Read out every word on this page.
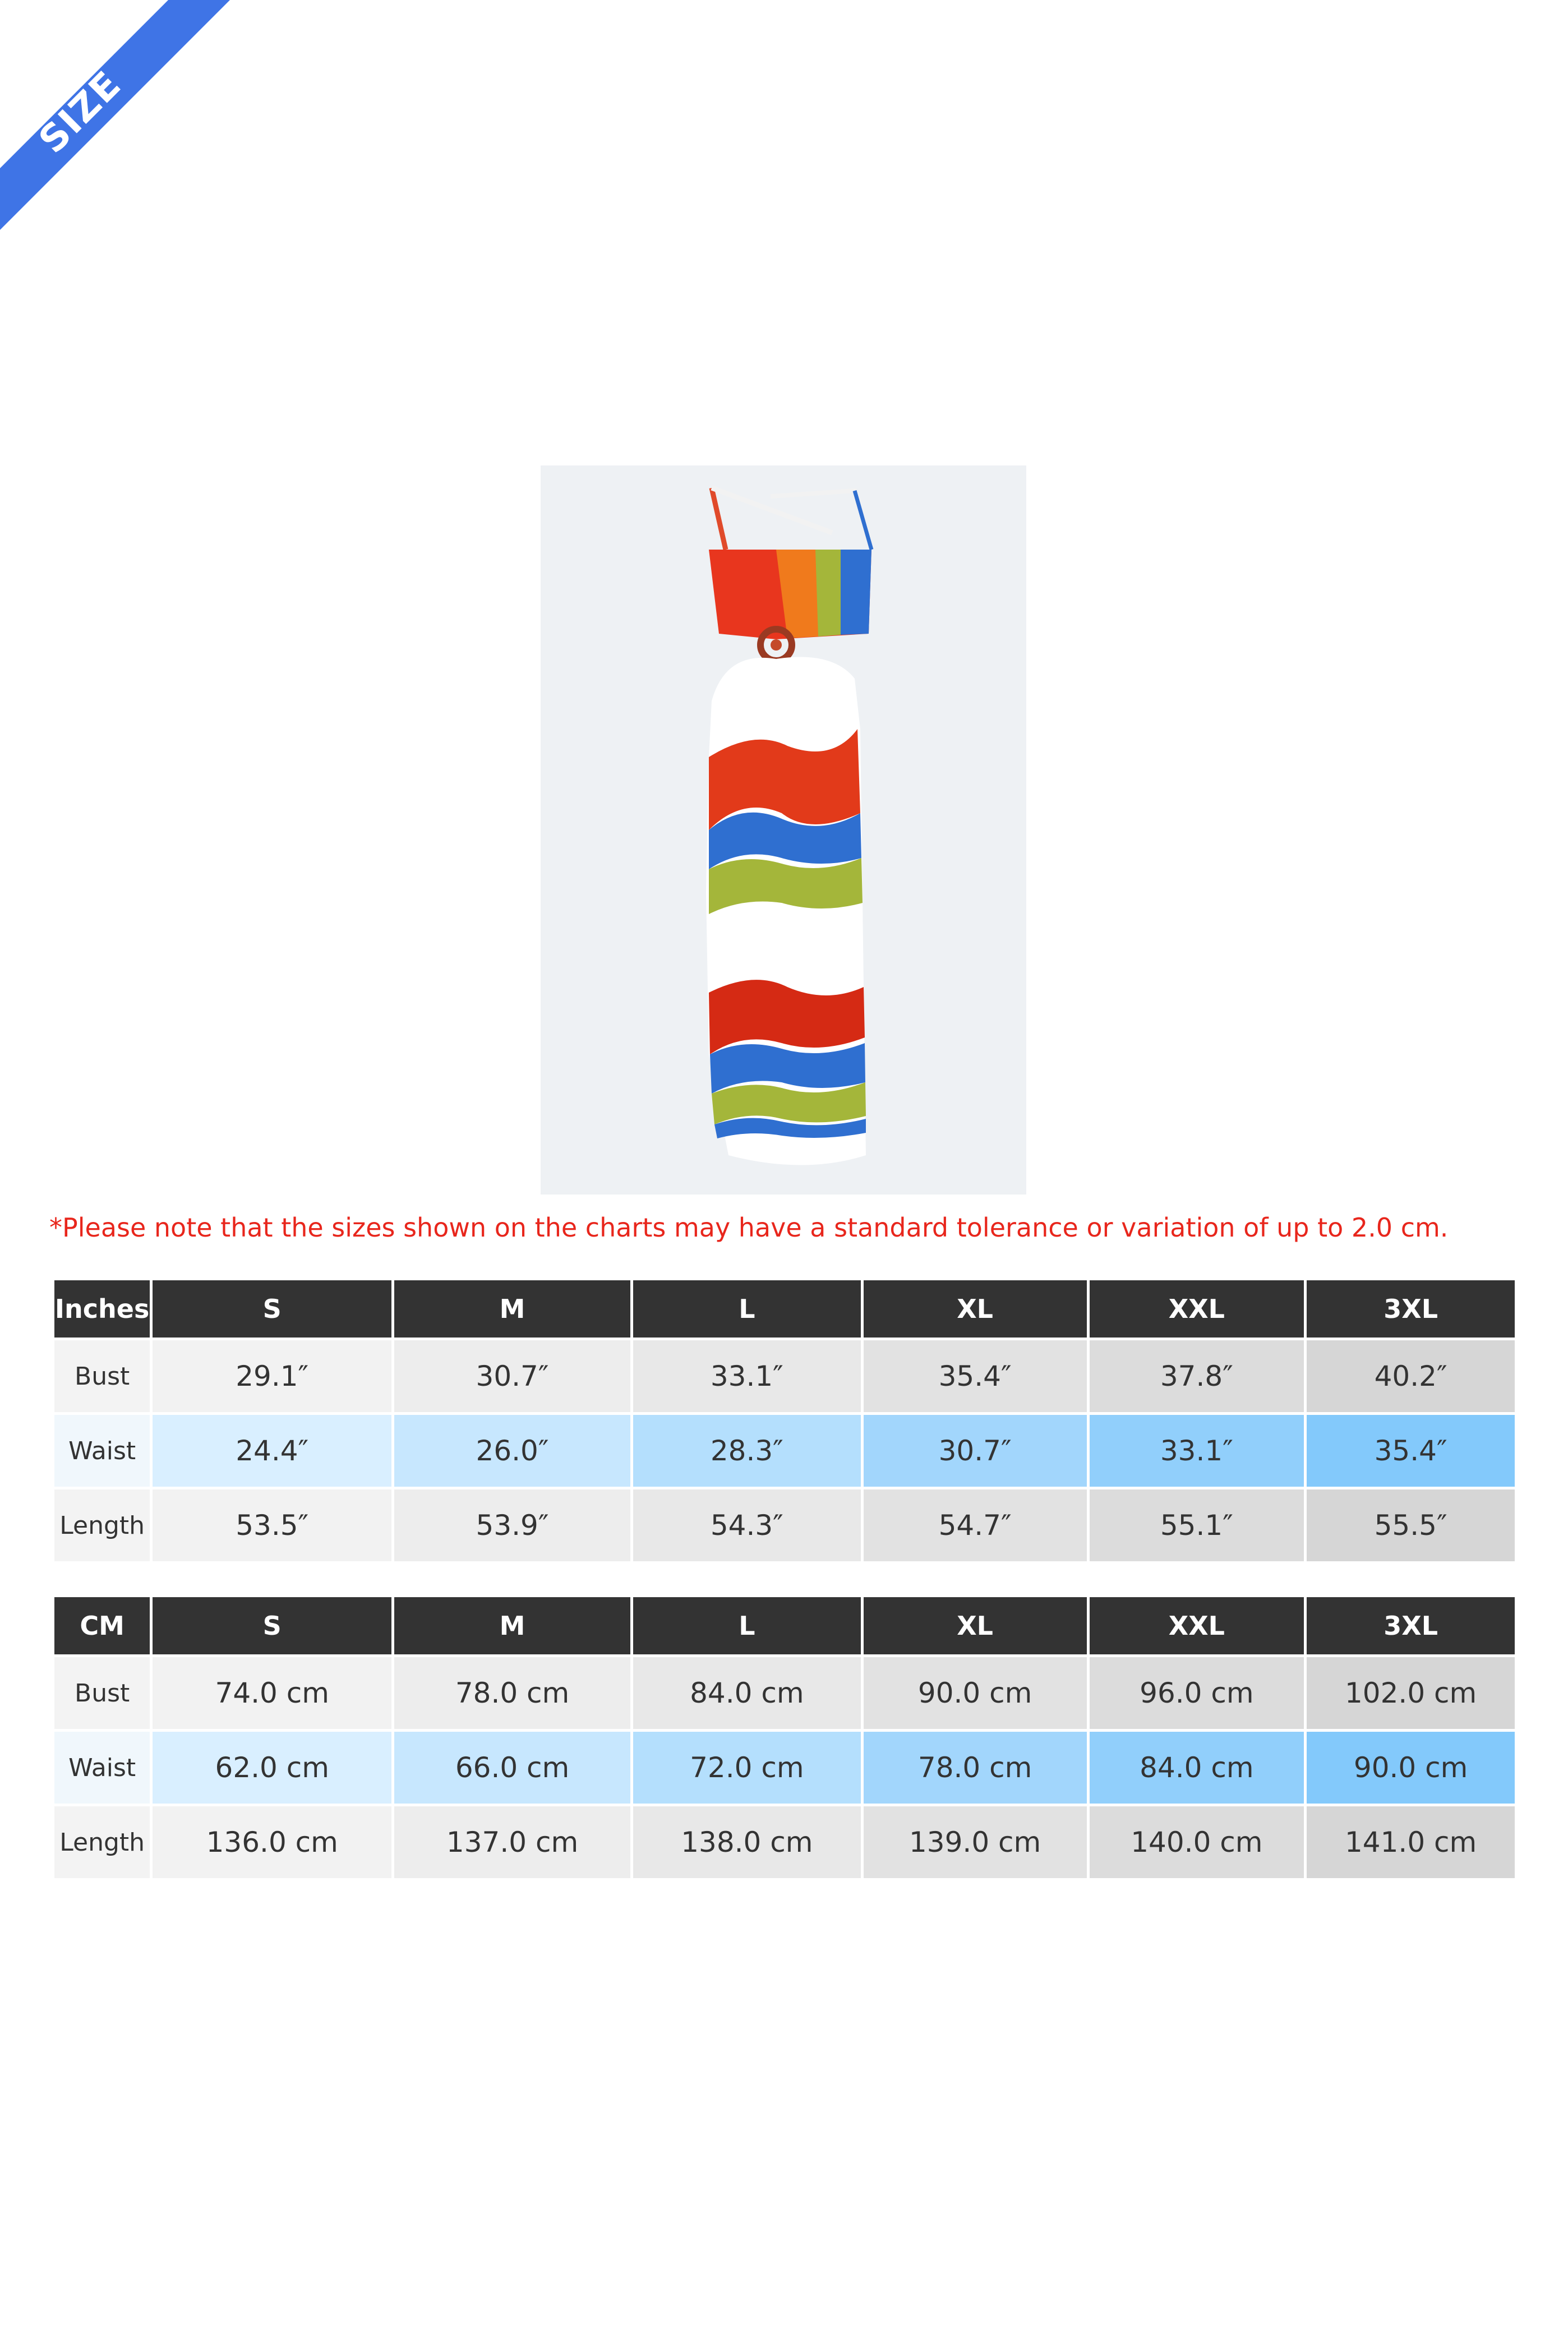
SIZE CHART
*Please note that the sizes shown on the charts may have a standard tolerance or variation of up to 2.0 cm.
Inches	S	M	L	XL	XXL	3XL
Bust	29.1″	30.7″	33.1″	35.4″	37.8″	40.2″
Waist	24.4″	26.0″	28.3″	30.7″	33.1″	35.4″
Length	53.5″	53.9″	54.3″	54.7″	55.1″	55.5″
CM	S	M	L	XL	XXL	3XL
Bust	74.0 cm	78.0 cm	84.0 cm	90.0 cm	96.0 cm	102.0 cm
Waist	62.0 cm	66.0 cm	72.0 cm	78.0 cm	84.0 cm	90.0 cm
Length	136.0 cm	137.0 cm	138.0 cm	139.0 cm	140.0 cm	141.0 cm
